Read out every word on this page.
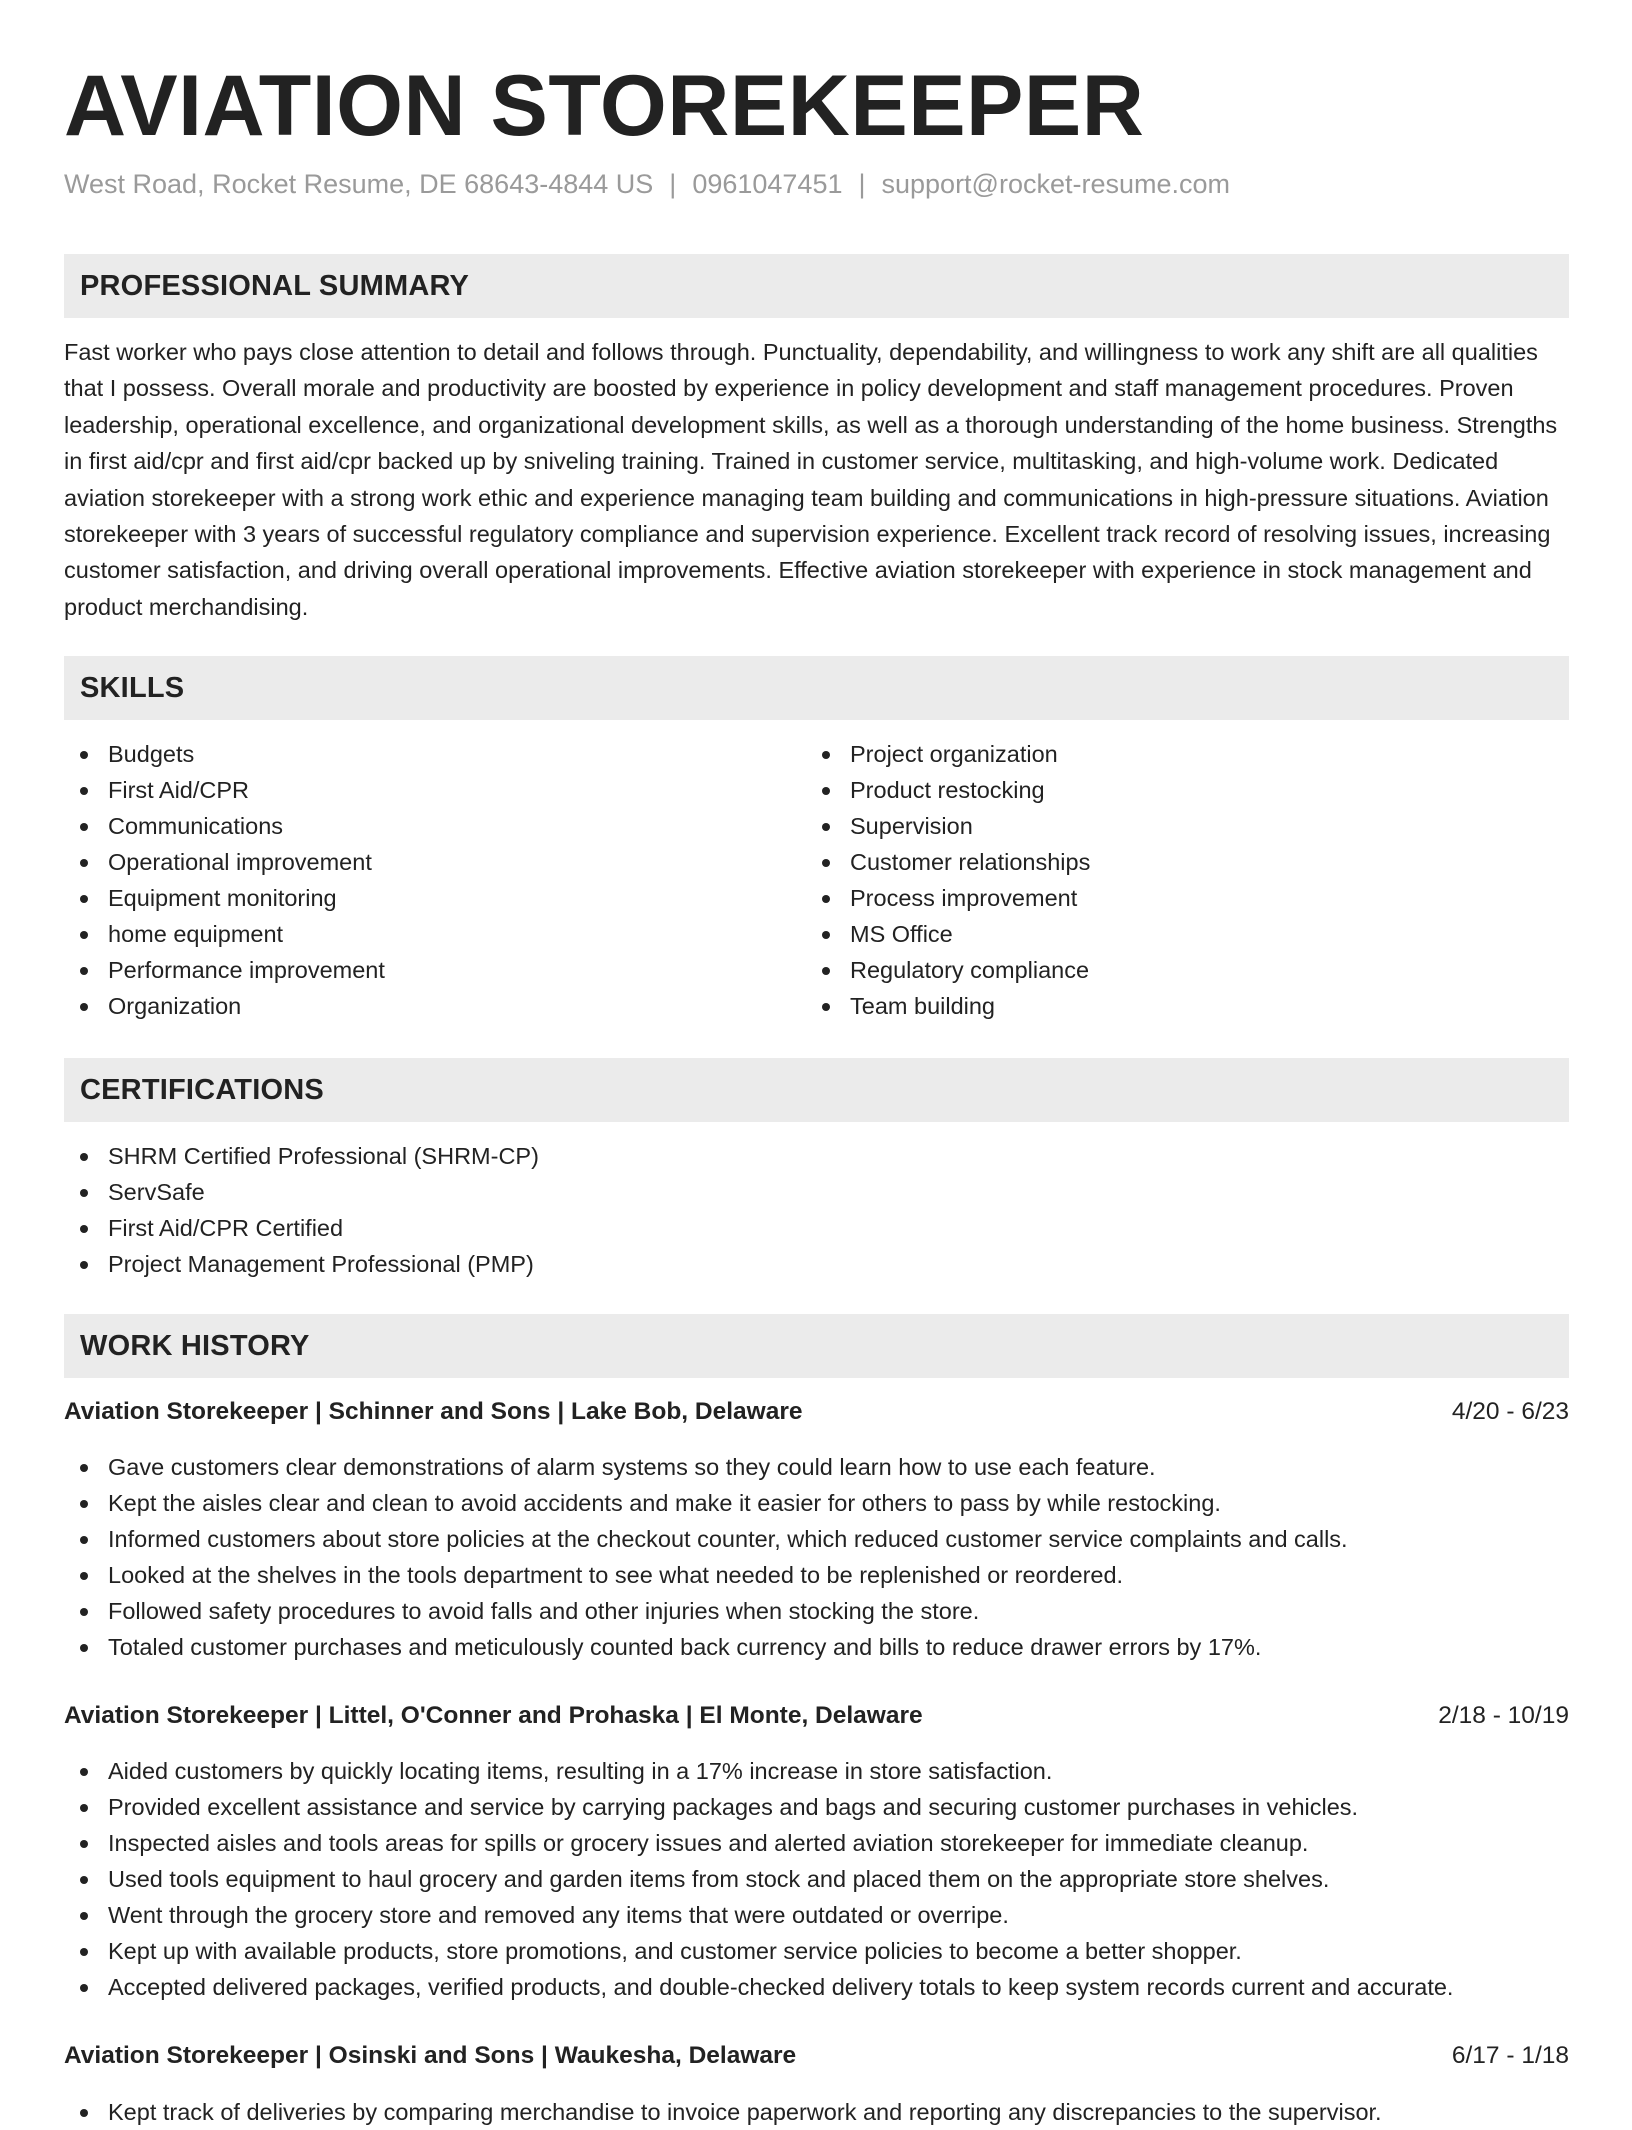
AVIATION STOREKEEPER
West Road, Rocket Resume, DE 68643-4844 US | 0961047451 | support@rocket-resume.com
PROFESSIONAL SUMMARY

Fast worker who pays close attention to detail and follows through. Punctuality, dependability, and willingness to work any shift are all qualities that I possess. Overall morale and productivity are boosted by experience in policy development and staff management procedures. Proven leadership, operational excellence, and organizational development skills, as well as a thorough understanding of the home business. Strengths in first aid/cpr and first aid/cpr backed up by sniveling training. Trained in customer service, multitasking, and high-volume work. Dedicated aviation storekeeper with a strong work ethic and experience managing team building and communications in high-pressure situations. Aviation storekeeper with 3 years of successful regulatory compliance and supervision experience. Excellent track record of resolving issues, increasing customer satisfaction, and driving overall operational improvements. Effective aviation storekeeper with experience in stock management and product merchandising.

SKILLS
Budgets
First Aid/CPR
Communications
Operational improvement
Equipment monitoring
home equipment
Performance improvement
Organization
Project organization
Product restocking
Supervision
Customer relationships
Process improvement
MS Office
Regulatory compliance
Team building
CERTIFICATIONS
SHRM Certified Professional (SHRM-CP)
ServSafe
First Aid/CPR Certified
Project Management Professional (PMP)
WORK HISTORY
Aviation Storekeeper | Schinner and Sons | Lake Bob, Delaware	4/20 - 6/23
Gave customers clear demonstrations of alarm systems so they could learn how to use each feature.
Kept the aisles clear and clean to avoid accidents and make it easier for others to pass by while restocking.
Informed customers about store policies at the checkout counter, which reduced customer service complaints and calls.
Looked at the shelves in the tools department to see what needed to be replenished or reordered.
Followed safety procedures to avoid falls and other injuries when stocking the store.
Totaled customer purchases and meticulously counted back currency and bills to reduce drawer errors by 17%.
Aviation Storekeeper | Littel, O'Conner and Prohaska | El Monte, Delaware	2/18 - 10/19
Aided customers by quickly locating items, resulting in a 17% increase in store satisfaction.
Provided excellent assistance and service by carrying packages and bags and securing customer purchases in vehicles.
Inspected aisles and tools areas for spills or grocery issues and alerted aviation storekeeper for immediate cleanup.
Used tools equipment to haul grocery and garden items from stock and placed them on the appropriate store shelves.
Went through the grocery store and removed any items that were outdated or overripe.
Kept up with available products, store promotions, and customer service policies to become a better shopper.
Accepted delivered packages, verified products, and double-checked delivery totals to keep system records current and accurate.
Aviation Storekeeper | Osinski and Sons | Waukesha, Delaware	6/17 - 1/18
Kept track of deliveries by comparing merchandise to invoice paperwork and reporting any discrepancies to the supervisor.
